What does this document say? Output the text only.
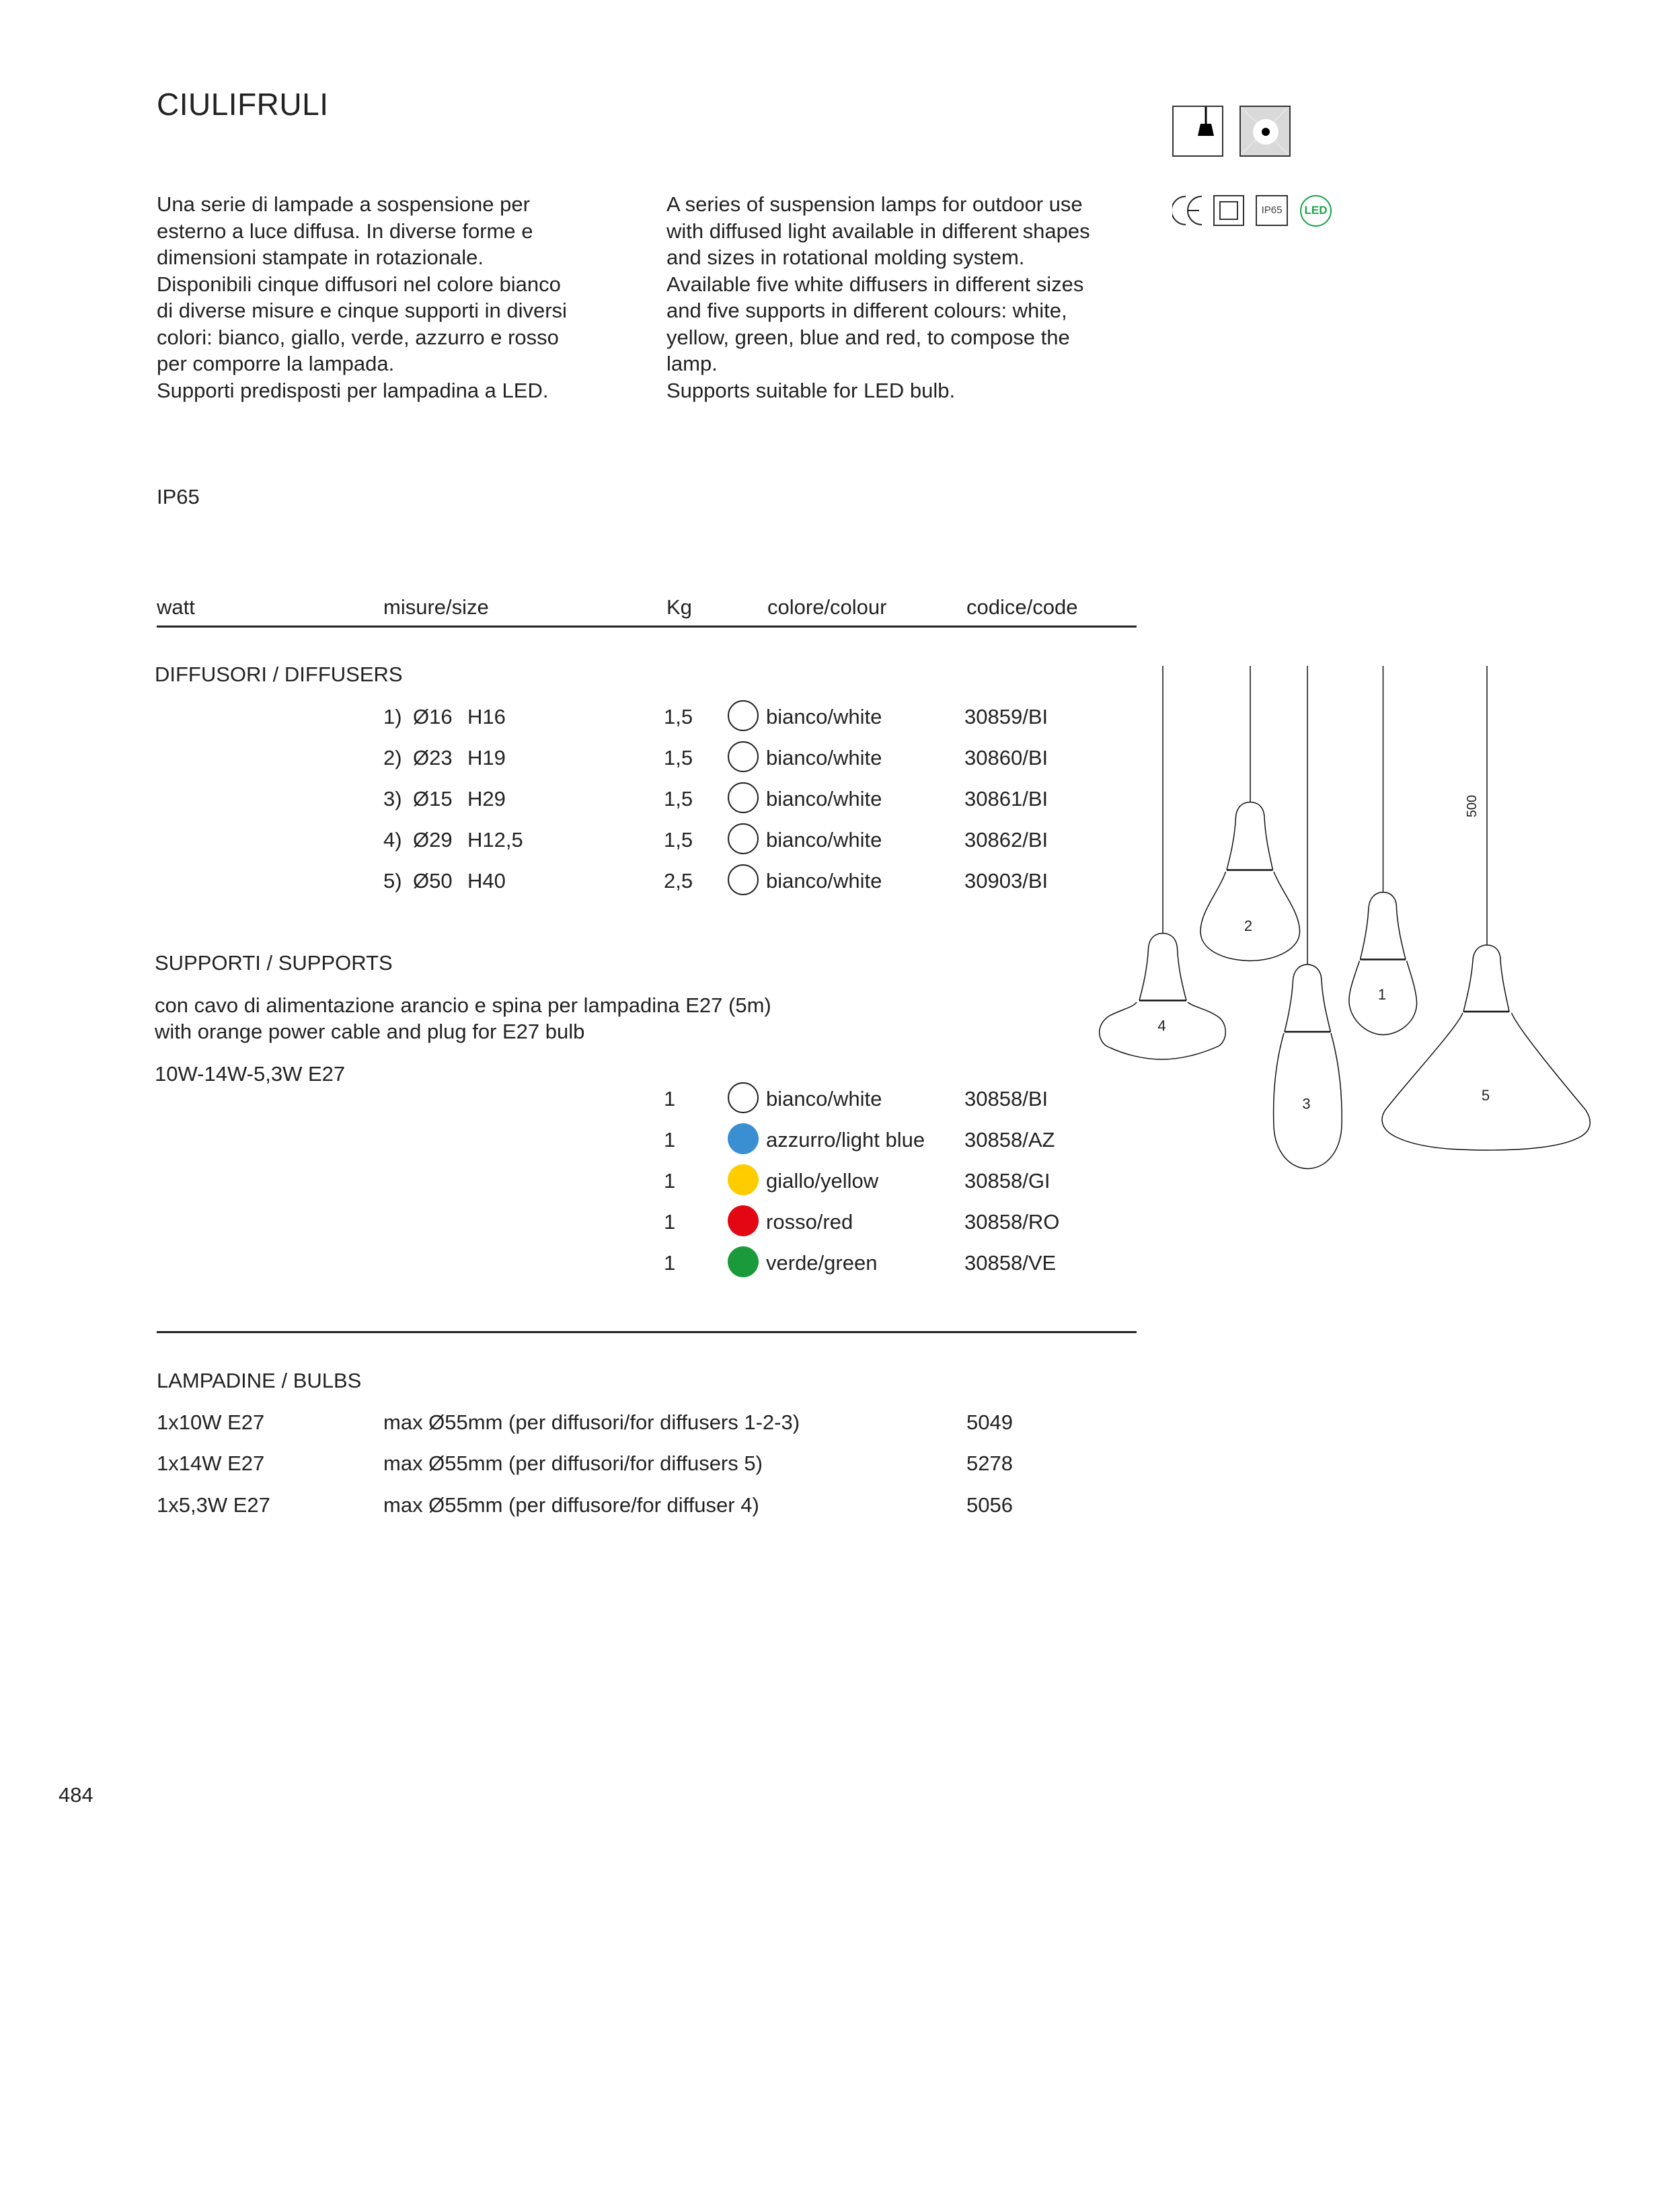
CIULIFRULI
Una serie di lampade a sospensione per
esterno a luce diffusa. In diverse forme e
dimensioni stampate in rotazionale.
Disponibili cinque diffusori nel colore bianco
di diverse misure e cinque supporti in diversi
colori: bianco, giallo, verde, azzurro e rosso
per comporre la lampada.
Supporti predisposti per lampadina a LED.
A series of suspension lamps for outdoor use
with diffused light available in different shapes
and sizes in rotational molding system.
Available five white diffusers in different sizes
and five supports in different colours: white,
yellow, green, blue and red, to compose the
lamp.
Supports suitable for LED bulb.
IP65	LED
IP65
watt	misure/size	Kg	colore/colour	codice/code
DIFFUSORI / DIFFUSERS
1) Ø16 H16	1,5	bianco/white	30859/BI
2) Ø23 H19	1,5	bianco/white	30860/BI
3) Ø15 H29	1,5	bianco/white	30861/BI
4) Ø29 H12,5	1,5	bianco/white	30862/BI
5) Ø50 H40	2,5	bianco/white	30903/BI
SUPPORTI / SUPPORTS
con cavo di alimentazione arancio e spina per lampadina E27 (5m)
with orange power cable and plug for E27 bulb
10W-14W-5,3W E27
1	bianco/white	30858/BI
1	azzurro/light blue 30858/AZ
1	giallo/yellow	30858/GI
1	rosso/red	30858/RO
1	verde/green	30858/VE
LAMPADINE / BULBS
1x10W E27	max Ø55mm (per diffusori/for diffusers 1-2-3)	5049
1x14W E27	max Ø55mm (per diffusori/for diffusers 5)	5278
1x5,3W E27	max Ø55mm (per diffusore/for diffuser 4)	5056
484
4
2
3
1
5
500
